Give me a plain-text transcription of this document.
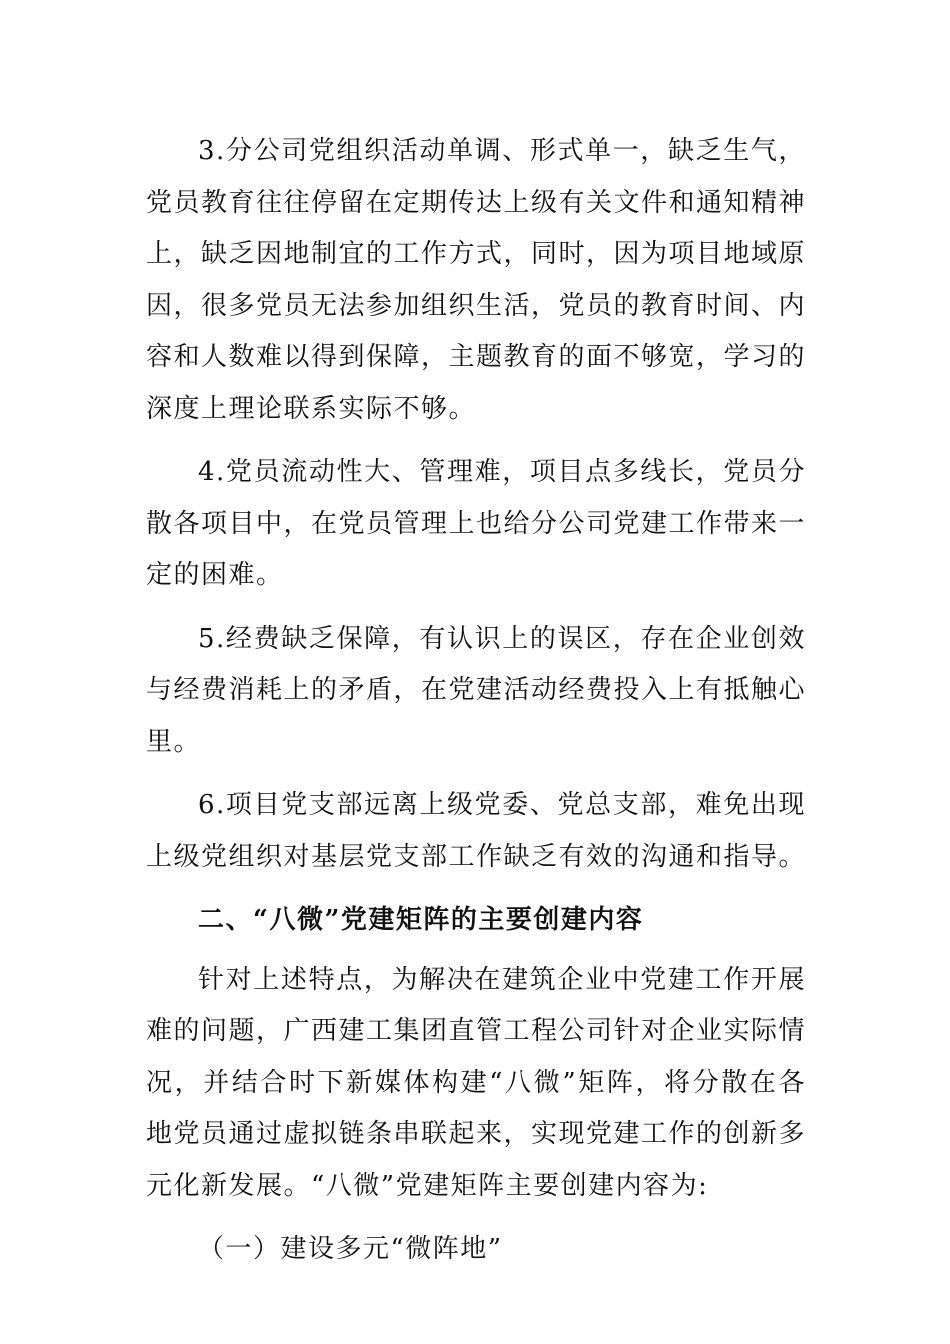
3.分公司党组织活动单调、形式单一，缺乏生气，党员教育往往停留在定期传达上级有关文件和通知精神上，缺乏因地制宜的工作方式，同时，因为项目地域原因，很多党员无法参加组织生活，党员的教育时间、内容和人数难以得到保障，主题教育的面不够宽，学习的深度上理论联系实际不够。

4.党员流动性大、管理难，项目点多线长，党员分散各项目中，在党员管理上也给分公司党建工作带来一定的困难。

5.经费缺乏保障，有认识上的误区，存在企业创效与经费消耗上的矛盾，在党建活动经费投入上有抵触心里。

6.项目党支部远离上级党委、党总支部，难免出现上级党组织对基层党支部工作缺乏有效的沟通和指导。

二、“八微”党建矩阵的主要创建内容

针对上述特点，为解决在建筑企业中党建工作开展难的问题，广西建工集团直管工程公司针对企业实际情况，并结合时下新媒体构建“八微”矩阵，将分散在各地党员通过虚拟链条串联起来，实现党建工作的创新多元化新发展。“八微”党建矩阵主要创建内容为:

（一）建设多元“微阵地”
